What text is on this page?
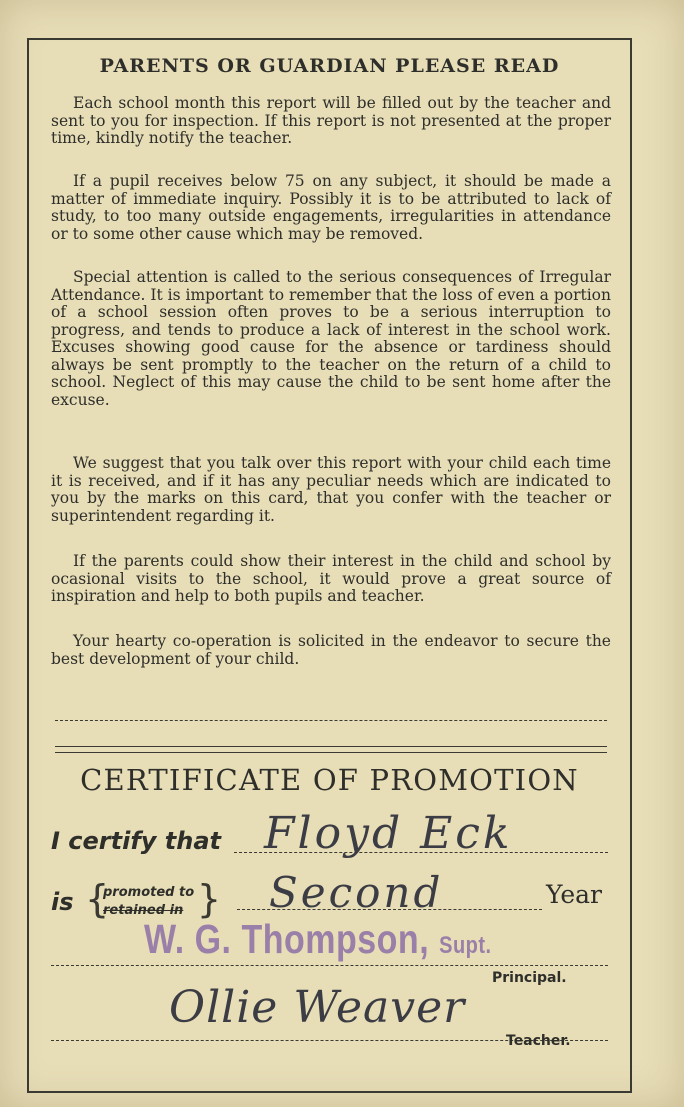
PARENTS OR GUARDIAN PLEASE READ

Each school month this report will be filled out by the teacher and sent to you for inspection. If this report is not presented at the proper time, kindly notify the teacher.

If a pupil receives below 75 on any subject, it should be made a matter of immediate inquiry. Possibly it is to be attributed to lack of study, to too many outside engagements, irregularities in attendance or to some other cause which may be removed.

Special attention is called to the serious consequences of Irregular Attendance. It is important to remember that the loss of even a portion of a school session often proves to be a serious interruption to progress, and tends to produce a lack of interest in the school work. Excuses showing good cause for the absence or tardiness should always be sent promptly to the teacher on the return of a child to school. Neglect of this may cause the child to be sent home after the excuse.

We suggest that you talk over this report with your child each time it is received, and if it has any peculiar needs which are indicated to you by the marks on this card, that you confer with the teacher or superintendent regarding it.

If the parents could show their interest in the child and school by ocasional visits to the school, it would prove a great source of inspiration and help to both pupils and teacher.

Your hearty co-operation is solicited in the endeavor to secure the best development of your child.

CERTIFICATE OF PROMOTION
I certify that Floyd Eck
is {
promoted to
retained in } Second	Year
W. G. Thompson, Supt.
Principal.
Ollie Weaver
Teacher.
